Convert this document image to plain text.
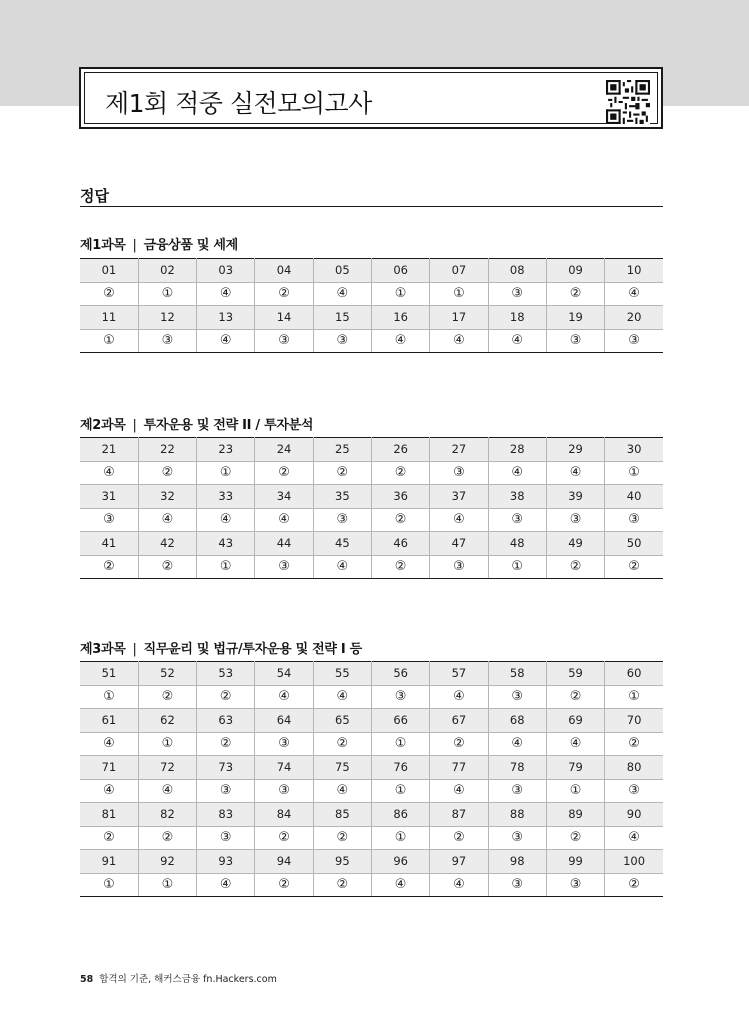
제1회 적중 실전모의고사
정답
제1과목 | 금융상품 및 세제
01	02	03	04	05	06	07	08	09	10
②	①	④	②	④	①	①	③	②	④
11	12	13	14	15	16	17	18	19	20
①	③	④	③	③	④	④	④	③	③
제2과목 | 투자운용 및 전략 II / 투자분석
21	22	23	24	25	26	27	28	29	30
④	②	①	②	②	②	③	④	④	①
31	32	33	34	35	36	37	38	39	40
③	④	④	④	③	②	④	③	③	③
41	42	43	44	45	46	47	48	49	50
②	②	①	③	④	②	③	①	②	②
제3과목 | 직무윤리 및 법규/투자운용 및 전략 I 등
51	52	53	54	55	56	57	58	59	60
①	②	②	④	④	③	④	③	②	①
61	62	63	64	65	66	67	68	69	70
④	①	②	③	②	①	②	④	④	②
71	72	73	74	75	76	77	78	79	80
④	④	③	③	④	①	④	③	①	③
81	82	83	84	85	86	87	88	89	90
②	②	③	②	②	①	②	③	②	④
91	92	93	94	95	96	97	98	99	100
①	①	④	②	②	④	④	③	③	②
58 합격의 기준, 해커스금융 fn.Hackers.com
